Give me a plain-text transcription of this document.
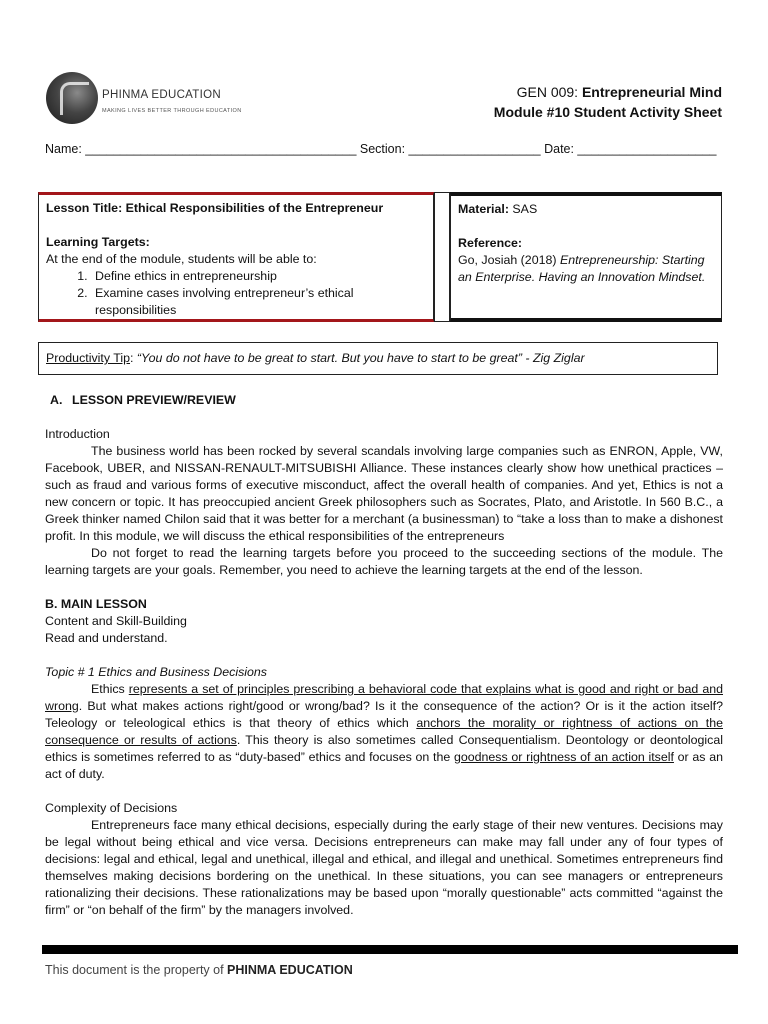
PHINMA EDUCATION
MAKING LIVES BETTER THROUGH EDUCATION
GEN 009: Entrepreneurial Mind
Module #10 Student Activity Sheet
Name: _______________________________________ Section: ___________________ Date: ____________________

Lesson Title: Ethical Responsibilities of the Entrepreneur

Learning Targets:

At the end of the module, students will be able to:

1. Define ethics in entrepreneurship
2. Examine cases involving entrepreneur’s ethical responsibilities

Material: SAS

Reference:

Go, Josiah (2018) Entrepreneurship: Starting an Enterprise. Having an Innovation Mindset.

Productivity Tip: “You do not have to be great to start. But you have to start to be great” - Zig Ziglar

A. LESSON PREVIEW/REVIEW

Introduction

The business world has been rocked by several scandals involving large companies such as ENRON, Apple, VW, Facebook, UBER, and NISSAN-RENAULT-MITSUBISHI Alliance. These instances clearly show how unethical practices – such as fraud and various forms of executive misconduct, affect the overall health of companies. And yet, Ethics is not a new concern or topic. It has preoccupied ancient Greek philosophers such as Socrates, Plato, and Aristotle. In 560 B.C., a Greek thinker named Chilon said that it was better for a merchant (a businessman) to “take a loss than to make a dishonest profit. In this module, we will discuss the ethical responsibilities of the entrepreneurs

Do not forget to read the learning targets before you proceed to the succeeding sections of the module. The learning targets are your goals. Remember, you need to achieve the learning targets at the end of the lesson.

B. MAIN LESSON

Content and Skill-Building

Read and understand.

Topic # 1 Ethics and Business Decisions

Ethics represents a set of principles prescribing a behavioral code that explains what is good and right or bad and wrong. But what makes actions right/good or wrong/bad? Is it the consequence of the action? Or is it the action itself? Teleology or teleological ethics is that theory of ethics which anchors the morality or rightness of actions on the consequence or results of actions. This theory is also sometimes called Consequentialism. Deontology or deontological ethics is sometimes referred to as “duty-based” ethics and focuses on the goodness or rightness of an action itself or as an act of duty.

Complexity of Decisions

Entrepreneurs face many ethical decisions, especially during the early stage of their new ventures. Decisions may be legal without being ethical and vice versa. Decisions entrepreneurs can make may fall under any of four types of decisions: legal and ethical, legal and unethical, illegal and ethical, and illegal and unethical. Sometimes entrepreneurs find themselves making decisions bordering on the unethical. In these situations, you can see managers or entrepreneurs rationalizing their decisions. These rationalizations may be based upon “morally questionable” acts committed “against the firm” or “on behalf of the firm” by the managers involved.

This document is the property of PHINMA EDUCATION
